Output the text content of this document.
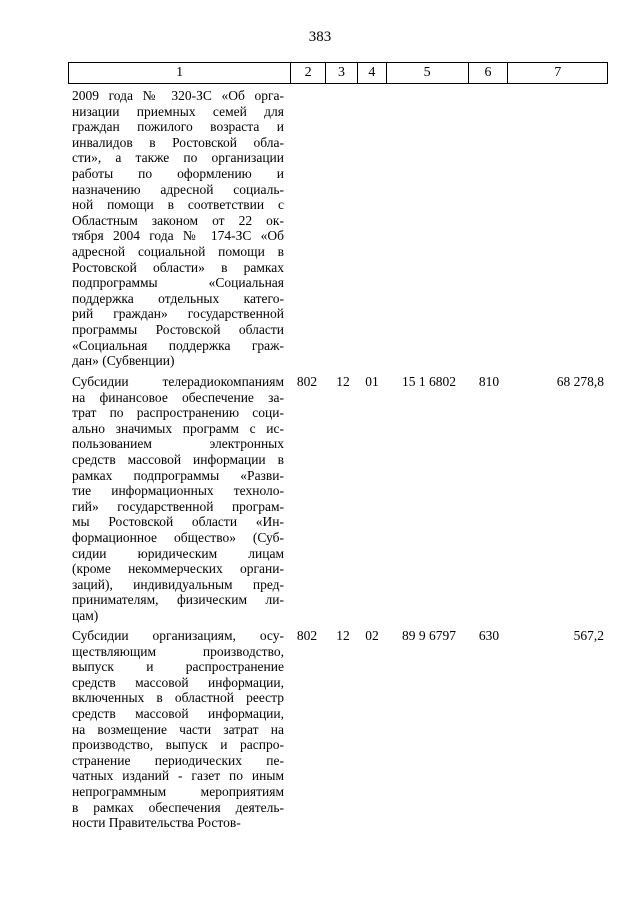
383
1	2	3	4	5	6	7
2009 года № 320-ЗС «Об орга-
низации приемных семей для
граждан пожилого возраста и
инвалидов в Ростовской обла-
сти», а также по организации
работы по оформлению и
назначению адресной социаль-
ной помощи в соответствии с
Областным законом от 22 ок-
тября 2004 года № 174-ЗС «Об
адресной социальной помощи в
Ростовской области» в рамках
подпрограммы «Социальная
поддержка отдельных катего-
рий граждан» государственной
программы Ростовской области
«Социальная поддержка граж-
дан» (Субвенции)
Субсидии телерадиокомпаниям
на финансовое обеспечение за-
трат по распространению соци-
ально значимых программ с ис-
пользованием электронных
средств массовой информации в
рамках подпрограммы «Разви-
тие информационных техноло-
гий» государственной програм-
мы Ростовской области «Ин-
формационное общество» (Суб-
сидии юридическим лицам
(кроме некоммерческих органи-
заций), индивидуальным пред-
принимателям, физическим ли-
цам)
802	12	01	15 1 6802	810	68 278,8
Субсидии организациям, осу-
ществляющим производство,
выпуск и распространение
средств массовой информации,
включенных в областной реестр
средств массовой информации,
на возмещение части затрат на
производство, выпуск и распро-
странение периодических пе-
чатных изданий - газет по иным
непрограммным мероприятиям
в рамках обеспечения деятель-
ности Правительства Ростов-
802	12	02	89 9 6797	630	567,2
